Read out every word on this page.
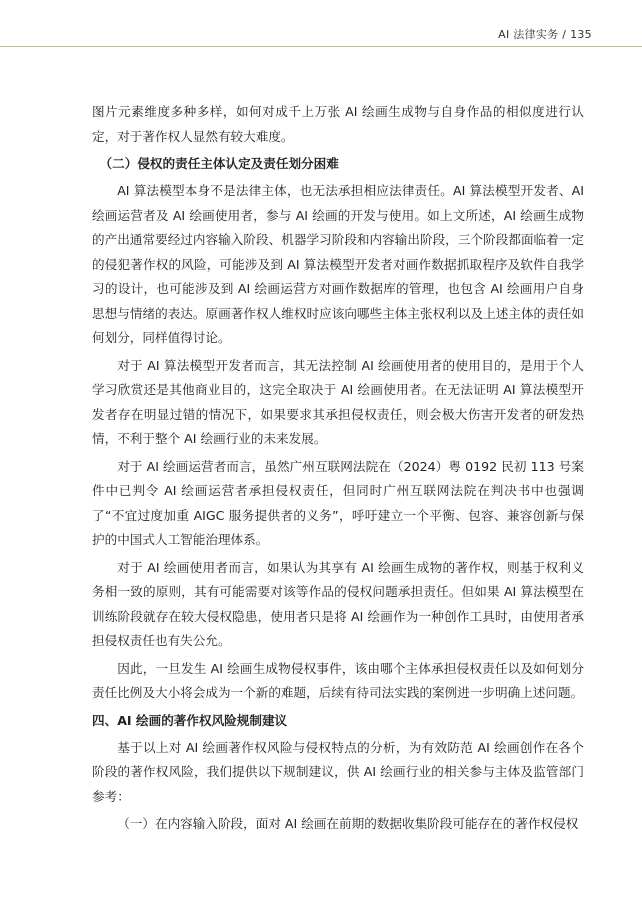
AI 法律实务 / 135

图片元素维度多种多样，如何对成千上万张 AI 绘画生成物与自身作品的相似度进行认定，对于著作权人显然有较大难度。

（二）侵权的责任主体认定及责任划分困难

AI 算法模型本身不是法律主体，也无法承担相应法律责任。AI 算法模型开发者、AI 绘画运营者及 AI 绘画使用者，参与 AI 绘画的开发与使用。如上文所述，AI 绘画生成物的产出通常要经过内容输入阶段、机器学习阶段和内容输出阶段，三个阶段都面临着一定的侵犯著作权的风险，可能涉及到 AI 算法模型开发者对画作数据抓取程序及软件自我学习的设计，也可能涉及到 AI 绘画运营方对画作数据库的管理，也包含 AI 绘画用户自身思想与情绪的表达。原画著作权人维权时应该向哪些主体主张权利以及上述主体的责任如何划分，同样值得讨论。

对于 AI 算法模型开发者而言，其无法控制 AI 绘画使用者的使用目的，是用于个人学习欣赏还是其他商业目的，这完全取决于 AI 绘画使用者。在无法证明 AI 算法模型开发者存在明显过错的情况下，如果要求其承担侵权责任，则会极大伤害开发者的研发热情，不利于整个 AI 绘画行业的未来发展。

对于 AI 绘画运营者而言，虽然广州互联网法院在（2024）粤 0192 民初 113 号案件中已判令 AI 绘画运营者承担侵权责任，但同时广州互联网法院在判决书中也强调了“不宜过度加重 AIGC 服务提供者的义务”，呼吁建立一个平衡、包容、兼容创新与保护的中国式人工智能治理体系。

对于 AI 绘画使用者而言，如果认为其享有 AI 绘画生成物的著作权，则基于权利义务相一致的原则，其有可能需要对该等作品的侵权问题承担责任。但如果 AI 算法模型在训练阶段就存在较大侵权隐患，使用者只是将 AI 绘画作为一种创作工具时，由使用者承担侵权责任也有失公允。

因此，一旦发生 AI 绘画生成物侵权事件，该由哪个主体承担侵权责任以及如何划分责任比例及大小将会成为一个新的难题，后续有待司法实践的案例进一步明确上述问题。

四、AI 绘画的著作权风险规制建议

基于以上对 AI 绘画著作权风险与侵权特点的分析，为有效防范 AI 绘画创作在各个阶段的著作权风险，我们提供以下规制建议，供 AI 绘画行业的相关参与主体及监管部门参考：

（一）在内容输入阶段，面对 AI 绘画在前期的数据收集阶段可能存在的著作权侵权
